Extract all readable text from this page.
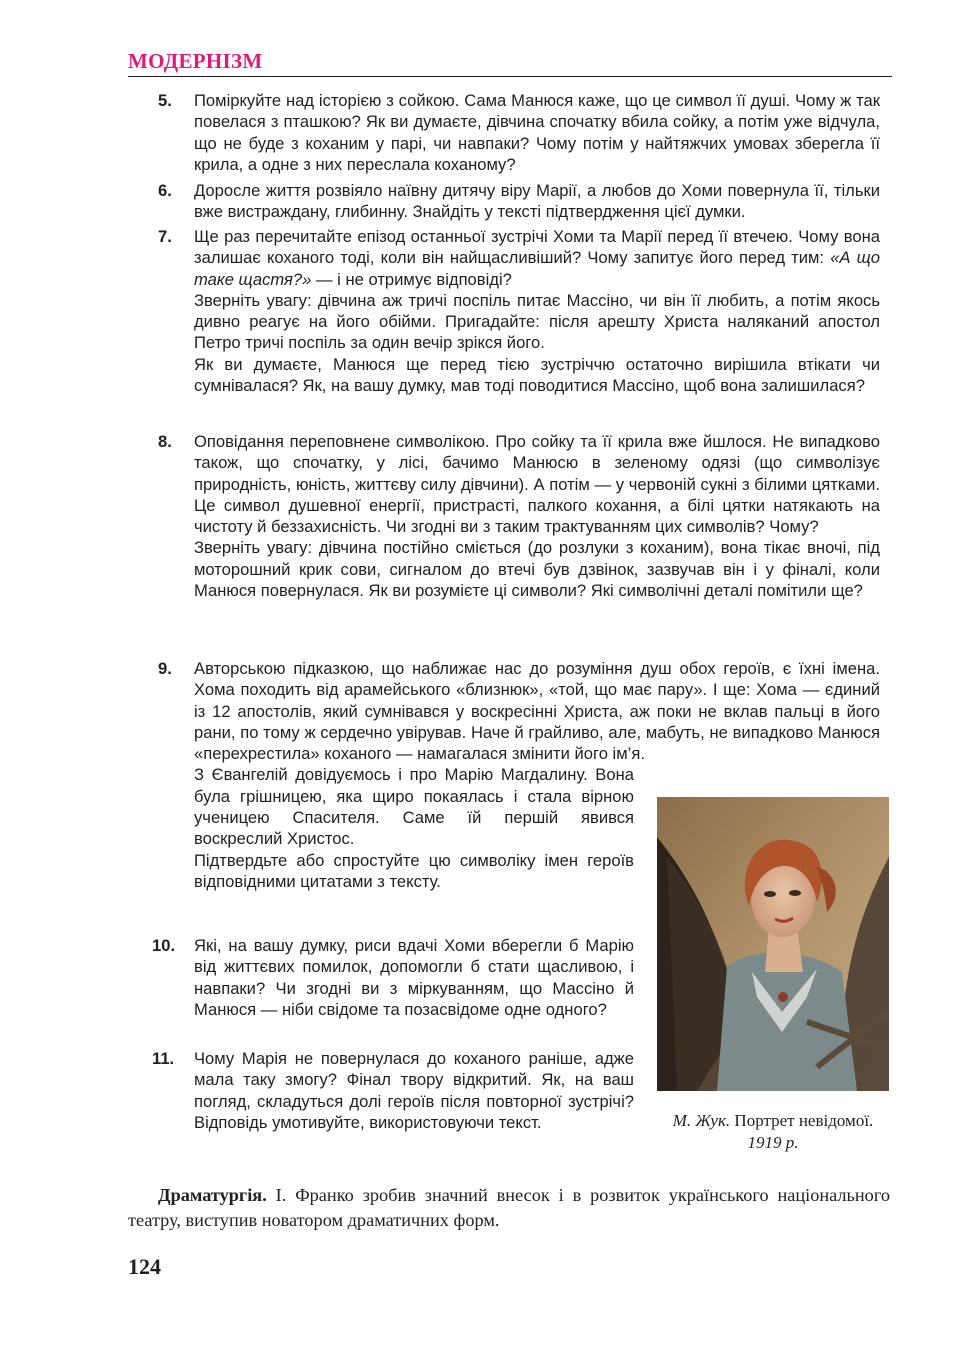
МОДЕРНІЗМ
5. Поміркуйте над історією з сойкою. Сама Манюся каже, що це символ її душі. Чому ж так повелася з пташкою? Як ви думаєте, дівчина спочатку вбила сойку, а потім уже відчула, що не буде з коханим у парі, чи навпаки? Чому потім у найтяжчих умовах зберегла її крила, а одне з них переслала коханому?

6. Доросле життя розвіяло наївну дитячу віру Марії, а любов до Хоми повернула її, тільки вже вистраждану, глибинну. Знайдіть у тексті підтвердження цієї думки.

7. Ще раз перечитайте епізод останньої зустрічі Хоми та Марії перед її втечею. Чому вона залишає коханого тоді, коли він найщасливіший? Чому запитує його перед тим: «А що таке щастя?» — і не отримує відповіді?

Зверніть увагу: дівчина аж тричі поспіль питає Массіно, чи він її любить, а потім якось дивно реагує на його обійми. Пригадайте: після арешту Христа наляканий апостол Петро тричі поспіль за один вечір зрікся його.

Як ви думаєте, Манюся ще перед тією зустріччю остаточно вирішила втікати чи сумнівалася? Як, на вашу думку, мав тоді поводитися Массіно, щоб вона залишилася?

8. Оповідання переповнене символікою. Про сойку та її крила вже йшлося. Не випадково також, що спочатку, у лісі, бачимо Манюсю в зеленому одязі (що символізує природність, юність, життєву силу дівчини). А потім — у червоній сукні з білими цятками. Це символ душевної енергії, пристрасті, палкого кохання, а білі цятки натякають на чистоту й беззахисність. Чи згодні ви з таким трактуванням цих символів? Чому?

Зверніть увагу: дівчина постійно сміється (до розлуки з коханим), вона тікає вночі, під моторошний крик сови, сигналом до втечі був дзвінок, зазвучав він і у фіналі, коли Манюся повернулася. Як ви розумієте ці символи? Які символічні деталі помітили ще?

9. Авторською підказкою, що наближає нас до розуміння душ обох героїв, є їхні імена. Хома походить від арамейського «близнюк», «той, що має пару». І ще: Хома — єдиний із 12 апостолів, який сумнівався у воскресінні Христа, аж поки не вклав пальці в його рани, по тому ж сердечно увірував. Наче й грайливо, але, мабуть, не випадково Манюся «перехрестила» коханого — намагалася змінити його ім’я.

З Євангелій довідуємось і про Марію Магдалину. Вона була грішницею, яка щиро покаялась і стала вірною ученицею Спасителя. Саме їй першій явився воскреслий Христос.

Підтвердьте або спростуйте цю символіку імен героїв відповідними цитатами з тексту.

10. Які, на вашу думку, риси вдачі Хоми вберегли б Марію від життєвих помилок, допомогли б стати щасливою, і навпаки? Чи згодні ви з міркуванням, що Массіно й Манюся — ніби свідоме та позасвідоме одне одного?

11. Чому Марія не повернулася до коханого раніше, адже мала таку змогу? Фінал твору відкритий. Як, на ваш погляд, складуться долі героїв після повторної зустрічі? Відповідь умотивуйте, використовуючи текст.	М. Жук. Портрет невідомої. 1919 р.
Драматургія. І. Франко зробив значний внесок і в розвиток українського національного театру, виступив новатором драматичних форм.
124
